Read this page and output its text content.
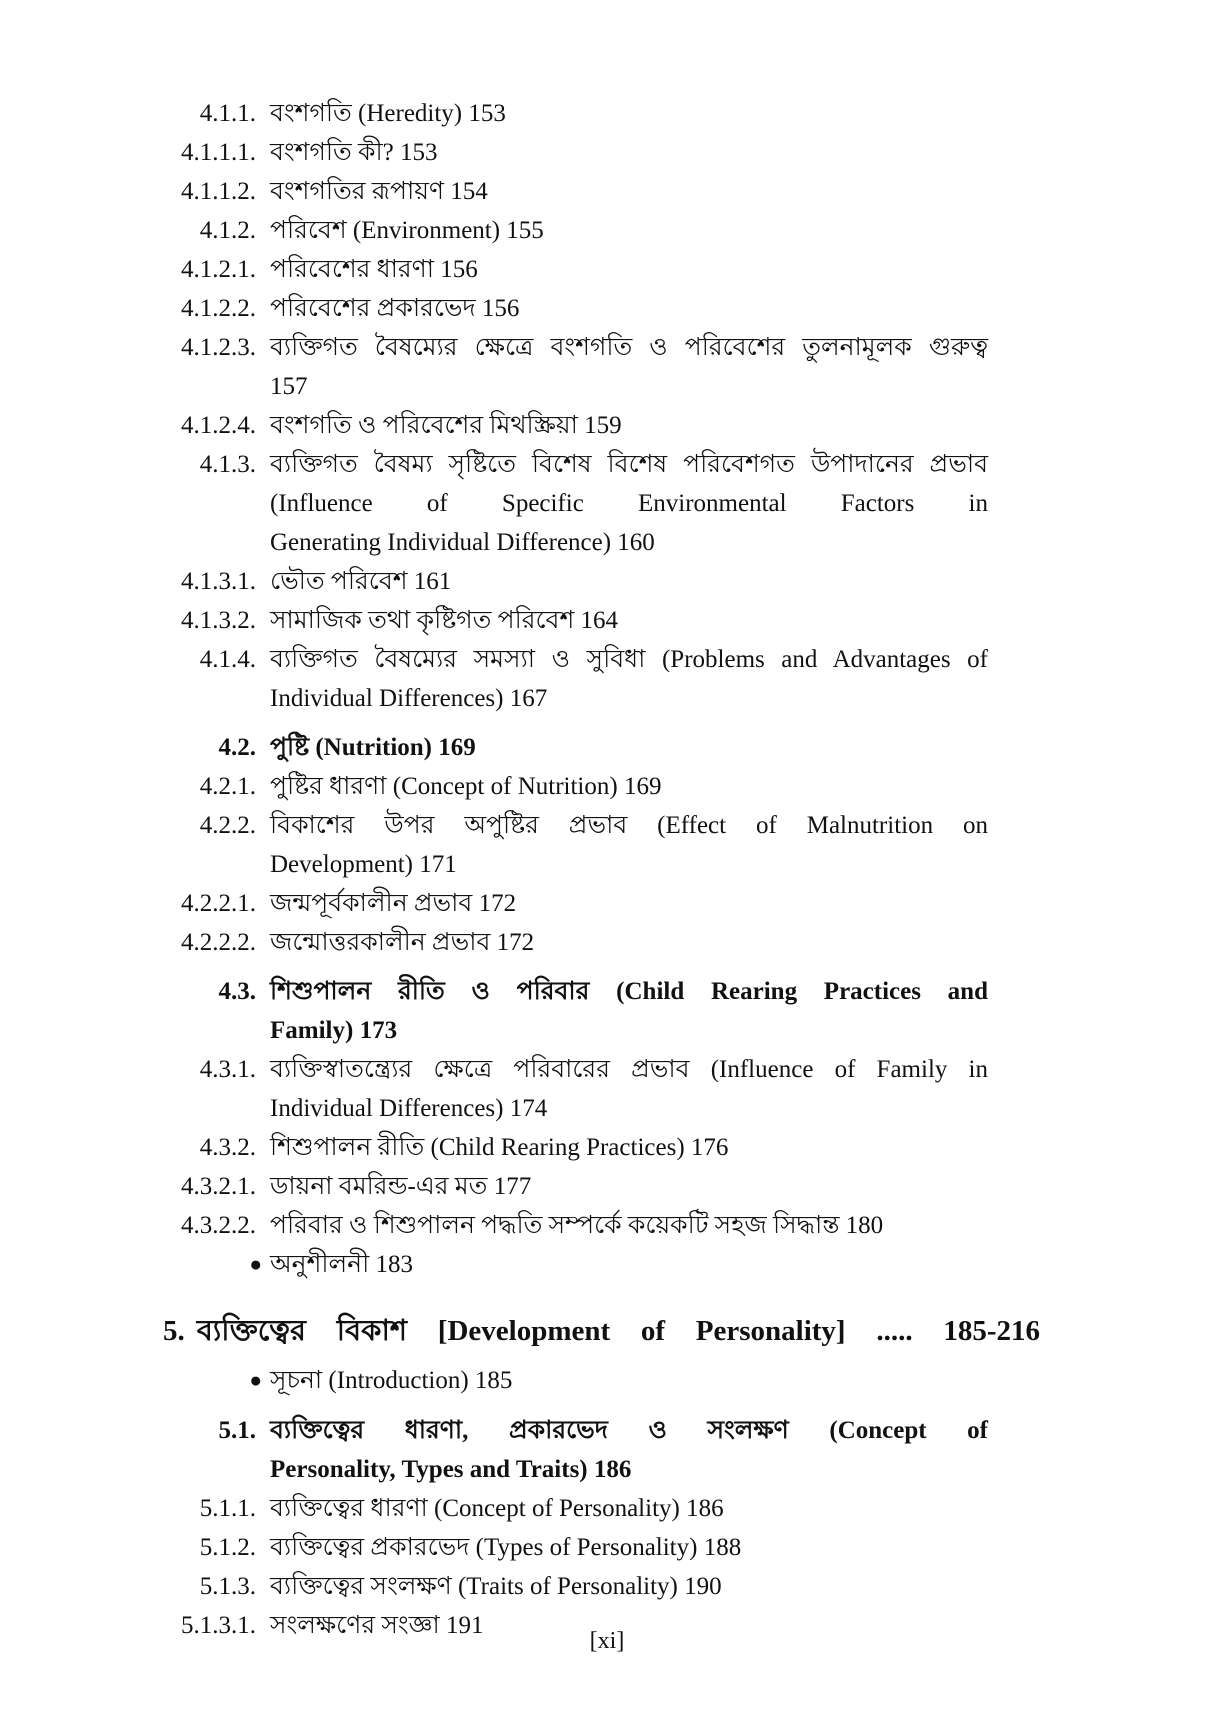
4.1.1. বংশগতি (Heredity) 153
4.1.1.1. বংশগতি কী? 153
4.1.1.2. বংশগতির রূপায়ণ 154
4.1.2. পরিবেশ (Environment) 155
4.1.2.1. পরিবেশের ধারণা 156
4.1.2.2. পরিবেশের প্রকারভেদ 156
4.1.2.3. ব্যক্তিগত বৈষম্যের ক্ষেত্রে বংশগতি ও পরিবেশের তুলনামূলক গুরুত্ব
157
4.1.2.4. বংশগতি ও পরিবেশের মিথস্ক্রিয়া 159
4.1.3. ব্যক্তিগত বৈষম্য সৃষ্টিতে বিশেষ বিশেষ পরিবেশগত উপাদানের প্রভাব
(Influence of Specific Environmental Factors in
Generating Individual Difference) 160
4.1.3.1. ভৌত পরিবেশ 161
4.1.3.2. সামাজিক তথা কৃষ্টিগত পরিবেশ 164
4.1.4. ব্যক্তিগত বৈষম্যের সমস্যা ও সুবিধা (Problems and Advantages of
Individual Differences) 167
4.2. পুষ্টি (Nutrition) 169
4.2.1. পুষ্টির ধারণা (Concept of Nutrition) 169
4.2.2. বিকাশের উপর অপুষ্টির প্রভাব (Effect of Malnutrition on
Development) 171
4.2.2.1. জন্মপূর্বকালীন প্রভাব 172
4.2.2.2. জন্মোত্তরকালীন প্রভাব 172
4.3. শিশুপালন রীতি ও পরিবার (Child Rearing Practices and
Family) 173
4.3.1. ব্যক্তিস্বাতন্ত্র্যের ক্ষেত্রে পরিবারের প্রভাব (Influence of Family in
Individual Differences) 174
4.3.2. শিশুপালন রীতি (Child Rearing Practices) 176
4.3.2.1. ডায়না বমরিন্ড-এর মত 177
4.3.2.2. পরিবার ও শিশুপালন পদ্ধতি সম্পর্কে কয়েকটি সহজ সিদ্ধান্ত 180
● অনুশীলনী 183
5. ব্যক্তিত্বের বিকাশ [Development of Personality] ..... 185-216
● সূচনা (Introduction) 185
5.1. ব্যক্তিত্বের ধারণা, প্রকারভেদ ও সংলক্ষণ (Concept of
Personality, Types and Traits) 186
5.1.1. ব্যক্তিত্বের ধারণা (Concept of Personality) 186
5.1.2. ব্যক্তিত্বের প্রকারভেদ (Types of Personality) 188
5.1.3. ব্যক্তিত্বের সংলক্ষণ (Traits of Personality) 190
5.1.3.1. সংলক্ষণের সংজ্ঞা 191
[xi]
